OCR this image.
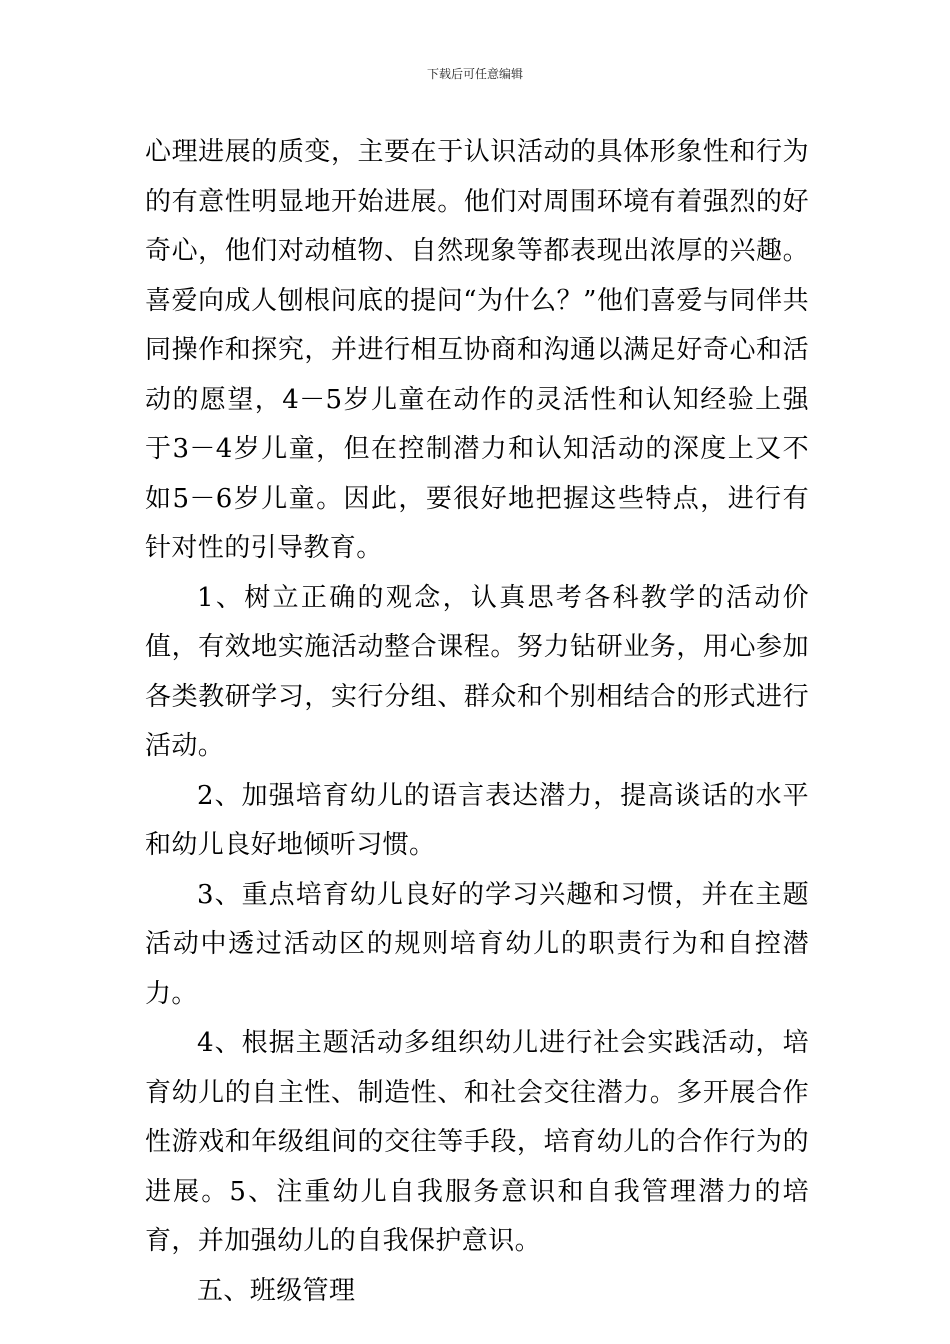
下载后可任意编辑

心理进展的质变，主要在于认识活动的具体形象性和行为的有意性明显地开始进展。他们对周围环境有着强烈的好奇心，他们对动植物、自然现象等都表现出浓厚的兴趣。喜爱向成人刨根问底的提问“为什么？”他们喜爱与同伴共同操作和探究，并进行相互协商和沟通以满足好奇心和活动的愿望，4－5岁儿童在动作的灵活性和认知经验上强于3－4岁儿童，但在控制潜力和认知活动的深度上又不如5－6岁儿童。因此，要很好地把握这些特点，进行有针对性的引导教育。

1、树立正确的观念，认真思考各科教学的活动价值，有效地实施活动整合课程。努力钻研业务，用心参加各类教研学习，实行分组、群众和个别相结合的形式进行活动。

2、加强培育幼儿的语言表达潜力，提高谈话的水平和幼儿良好地倾听习惯。

3、重点培育幼儿良好的学习兴趣和习惯，并在主题活动中透过活动区的规则培育幼儿的职责行为和自控潜力。

4、根据主题活动多组织幼儿进行社会实践活动，培育幼儿的自主性、制造性、和社会交往潜力。多开展合作性游戏和年级组间的交往等手段，培育幼儿的合作行为的进展。5、注重幼儿自我服务意识和自我管理潜力的培育，并加强幼儿的自我保护意识。

五、班级管理
